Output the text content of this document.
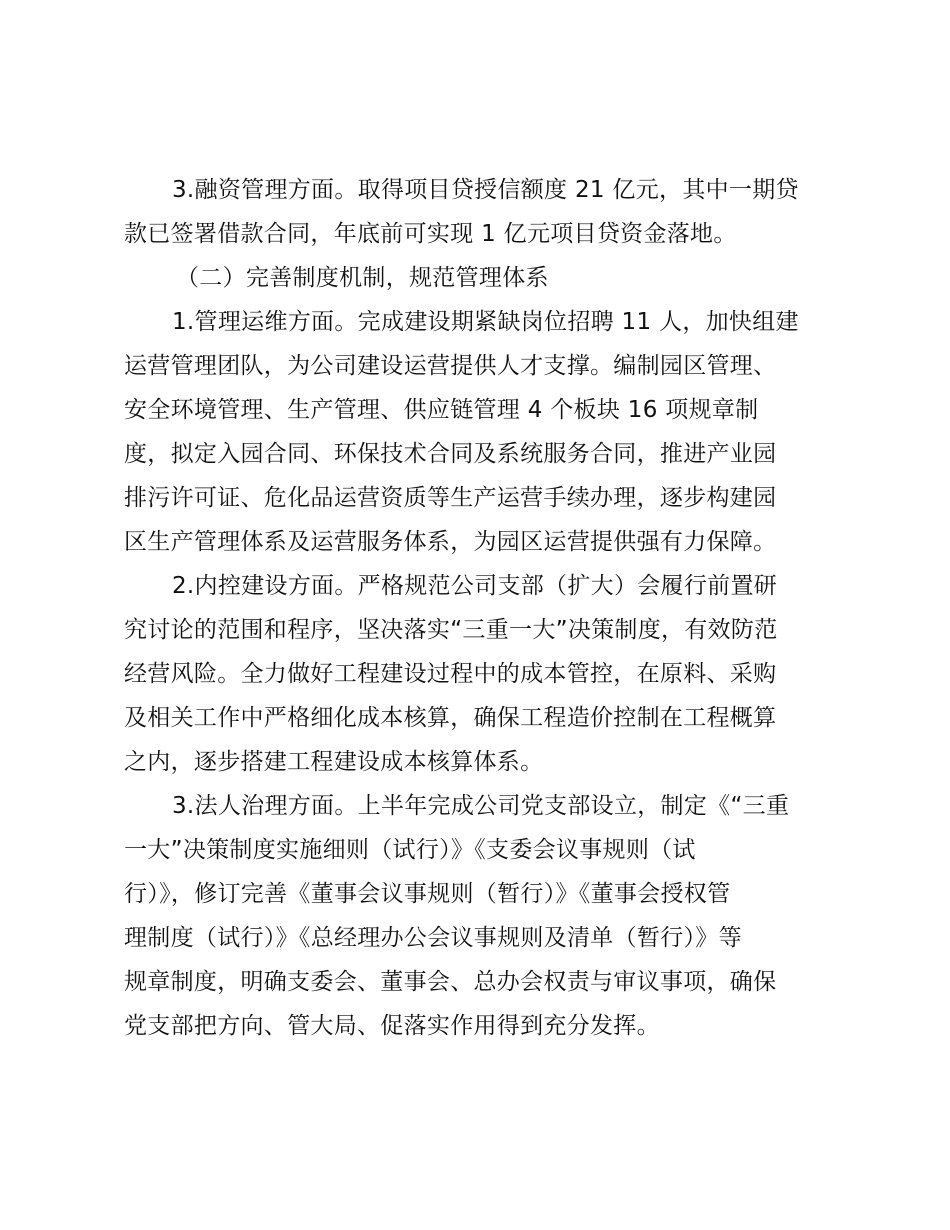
3.融资管理方面。取得项目贷授信额度 21 亿元，其中一期贷
款已签署借款合同，年底前可实现 1 亿元项目贷资金落地。
（二）完善制度机制，规范管理体系
1.管理运维方面。完成建设期紧缺岗位招聘 11 人，加快组建
运营管理团队，为公司建设运营提供人才支撑。编制园区管理、
安全环境管理、生产管理、供应链管理 4 个板块 16 项规章制
度，拟定入园合同、环保技术合同及系统服务合同，推进产业园
排污许可证、危化品运营资质等生产运营手续办理，逐步构建园
区生产管理体系及运营服务体系，为园区运营提供强有力保障。
2.内控建设方面。严格规范公司支部（扩大）会履行前置研
究讨论的范围和程序，坚决落实“三重一大”决策制度，有效防范
经营风险。全力做好工程建设过程中的成本管控，在原料、采购
及相关工作中严格细化成本核算，确保工程造价控制在工程概算
之内，逐步搭建工程建设成本核算体系。
3.法人治理方面。上半年完成公司党支部设立，制定《“三重
一大”决策制度实施细则（试行）》《支委会议事规则（试
行）》，修订完善《董事会议事规则（暂行）》《董事会授权管
理制度（试行）》《总经理办公会议事规则及清单（暂行）》等
规章制度，明确支委会、董事会、总办会权责与审议事项，确保
党支部把方向、管大局、促落实作用得到充分发挥。
